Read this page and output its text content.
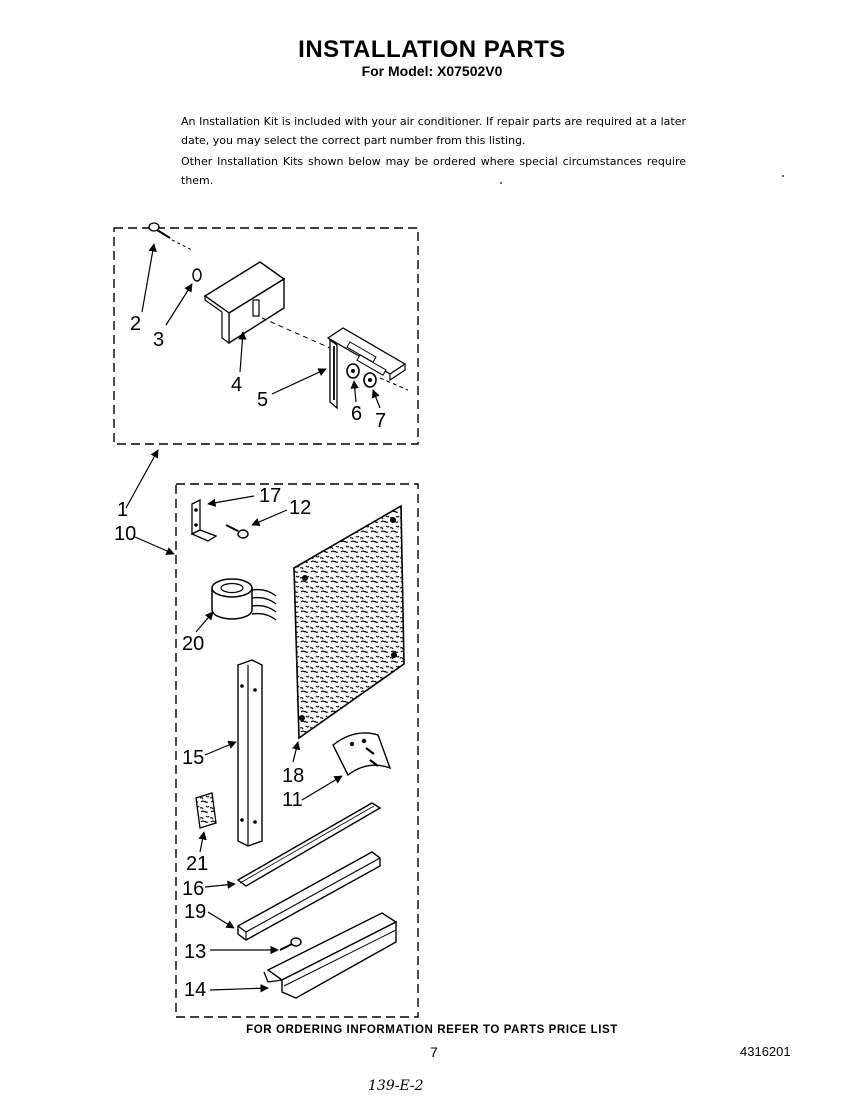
INSTALLATION PARTS
For Model: X07502V0
An Installation Kit is included with your air conditioner. If repair parts are required at a later date, you may select the correct part number from this listing.
Other Installation Kits shown below may be ordered where special circumstances require them.
2
3
4
5
6 7
1
10
17
12
20
15
18
11
21
16
19
13
14
FOR ORDERING INFORMATION REFER TO PARTS PRICE LIST
7	4316201
139-E-2
